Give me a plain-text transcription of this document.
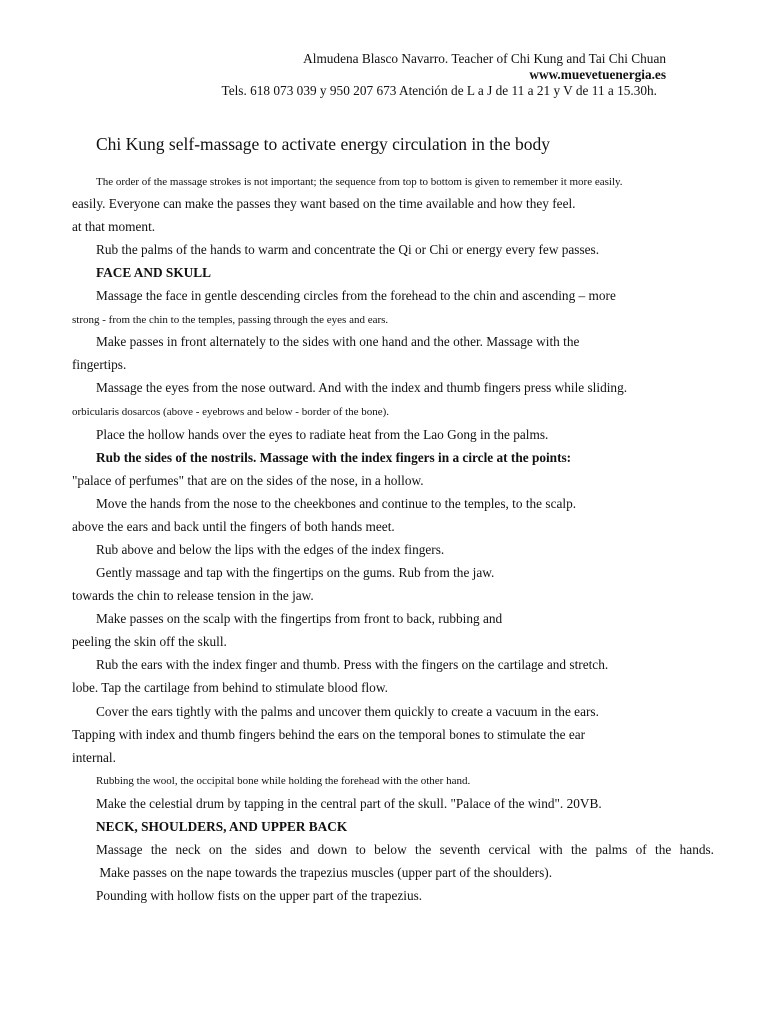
Almudena Blasco Navarro. Teacher of Chi Kung and Tai Chi Chuan
www.muevetuenergia.es
Tels. 618 073 039 y 950 207 673 Atención de L a J de 11 a 21 y V de 11 a 15.30h.
Chi Kung self-massage to activate energy circulation in the body
The order of the massage strokes is not important; the sequence from top to bottom is given to remember it more easily.
easily. Everyone can make the passes they want based on the time available and how they feel.
at that moment.
Rub the palms of the hands to warm and concentrate the Qi or Chi or energy every few passes.
FACE AND SKULL
Massage the face in gentle descending circles from the forehead to the chin and ascending – more
strong - from the chin to the temples, passing through the eyes and ears.
Make passes in front alternately to the sides with one hand and the other. Massage with the
fingertips.
Massage the eyes from the nose outward. And with the index and thumb fingers press while sliding.
orbicularis dosarcos (above - eyebrows and below - border of the bone).
Place the hollow hands over the eyes to radiate heat from the Lao Gong in the palms.
Rub the sides of the nostrils. Massage with the index fingers in a circle at the points:
"palace of perfumes" that are on the sides of the nose, in a hollow.
Move the hands from the nose to the cheekbones and continue to the temples, to the scalp.
above the ears and back until the fingers of both hands meet.
Rub above and below the lips with the edges of the index fingers.
Gently massage and tap with the fingertips on the gums. Rub from the jaw.
towards the chin to release tension in the jaw.
Make passes on the scalp with the fingertips from front to back, rubbing and
peeling the skin off the skull.
Rub the ears with the index finger and thumb. Press with the fingers on the cartilage and stretch.
lobe. Tap the cartilage from behind to stimulate blood flow.
Cover the ears tightly with the palms and uncover them quickly to create a vacuum in the ears.
Tapping with index and thumb fingers behind the ears on the temporal bones to stimulate the ear
internal.
Rubbing the wool, the occipital bone while holding the forehead with the other hand.
Make the celestial drum by tapping in the central part of the skull. "Palace of the wind". 20VB.
NECK, SHOULDERS, AND UPPER BACK
Massage the neck on the sides and down to below the seventh cervical with the palms of the hands.
Make passes on the nape towards the trapezius muscles (upper part of the shoulders).
Pounding with hollow fists on the upper part of the trapezius.
